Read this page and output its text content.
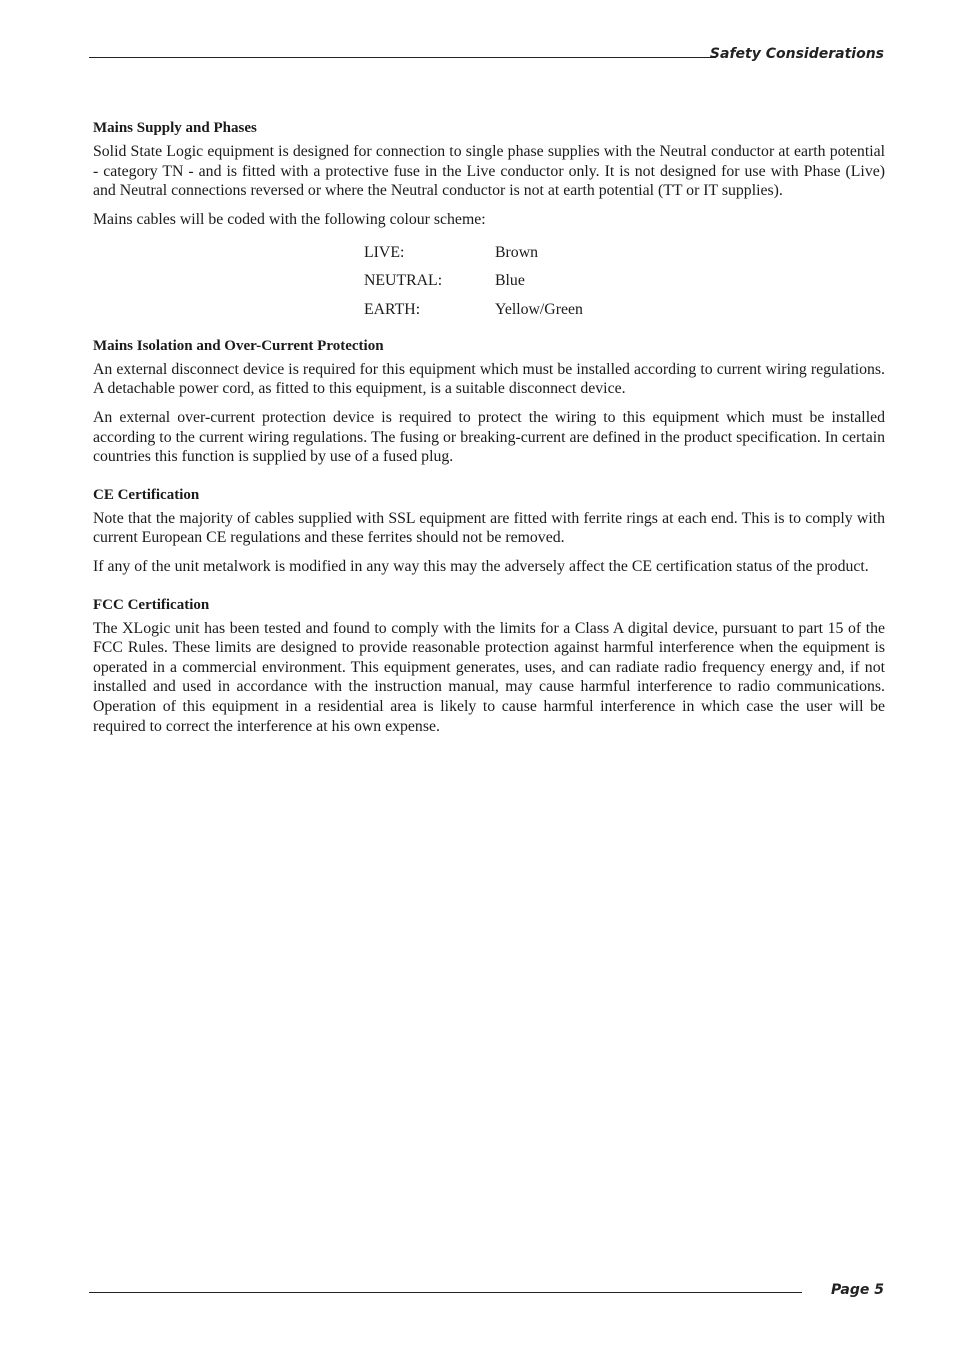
Safety Considerations
Mains Supply and Phases

Solid State Logic equipment is designed for connection to single phase supplies with the Neutral conductor at earth potential - category TN - and is fitted with a protective fuse in the Live conductor only. It is not designed for use with Phase (Live) and Neutral connections reversed or where the Neutral conductor is not at earth potential (TT or IT supplies).

Mains cables will be coded with the following colour scheme:

LIVE:	Brown
NEUTRAL:	Blue
EARTH:	Yellow/Green
Mains Isolation and Over-Current Protection

An external disconnect device is required for this equipment which must be installed according to current wiring regulations. A detachable power cord, as fitted to this equipment, is a suitable disconnect device.

An external over-current protection device is required to protect the wiring to this equipment which must be installed according to the current wiring regulations. The fusing or breaking-current are defined in the product specification. In certain countries this function is supplied by use of a fused plug.

CE Certification

Note that the majority of cables supplied with SSL equipment are fitted with ferrite rings at each end. This is to comply with current European CE regulations and these ferrites should not be removed.

If any of the unit metalwork is modified in any way this may the adversely affect the CE certification status of the product.

FCC Certification

The XLogic unit has been tested and found to comply with the limits for a Class A digital device, pursuant to part 15 of the FCC Rules. These limits are designed to provide reasonable protection against harmful interference when the equipment is operated in a commercial environment. This equipment generates, uses, and can radiate radio frequency energy and, if not installed and used in accordance with the instruction manual, may cause harmful interference to radio communications. Operation of this equipment in a residential area is likely to cause harmful interference in which case the user will be required to correct the interference at his own expense.

Page 5
